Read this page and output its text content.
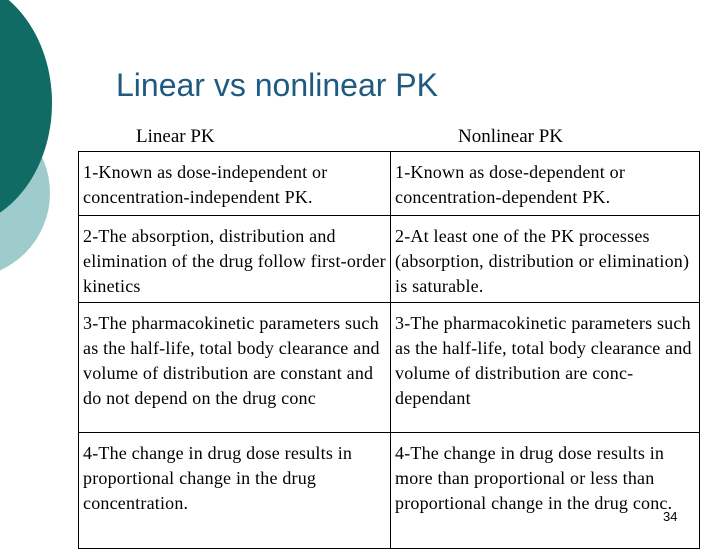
Linear vs nonlinear PK
Linear PK	Nonlinear PK
1-Known as dose-independent or concentration-independent PK.	1-Known as dose-dependent or concentration-dependent PK.
2-The absorption, distribution and elimination of the drug follow first-order kinetics	2-At least one of the PK processes (absorption, distribution or elimination) is saturable.
3-The pharmacokinetic parameters such as the half-life, total body clearance and volume of distribution are constant and do not depend on the drug conc	3-The pharmacokinetic parameters such as the half-life, total body clearance and volume of distribution are conc-dependant
4-The change in drug dose results in proportional change in the drug concentration.	4-The change in drug dose results in more than proportional or less than proportional change in the drug conc.
34
